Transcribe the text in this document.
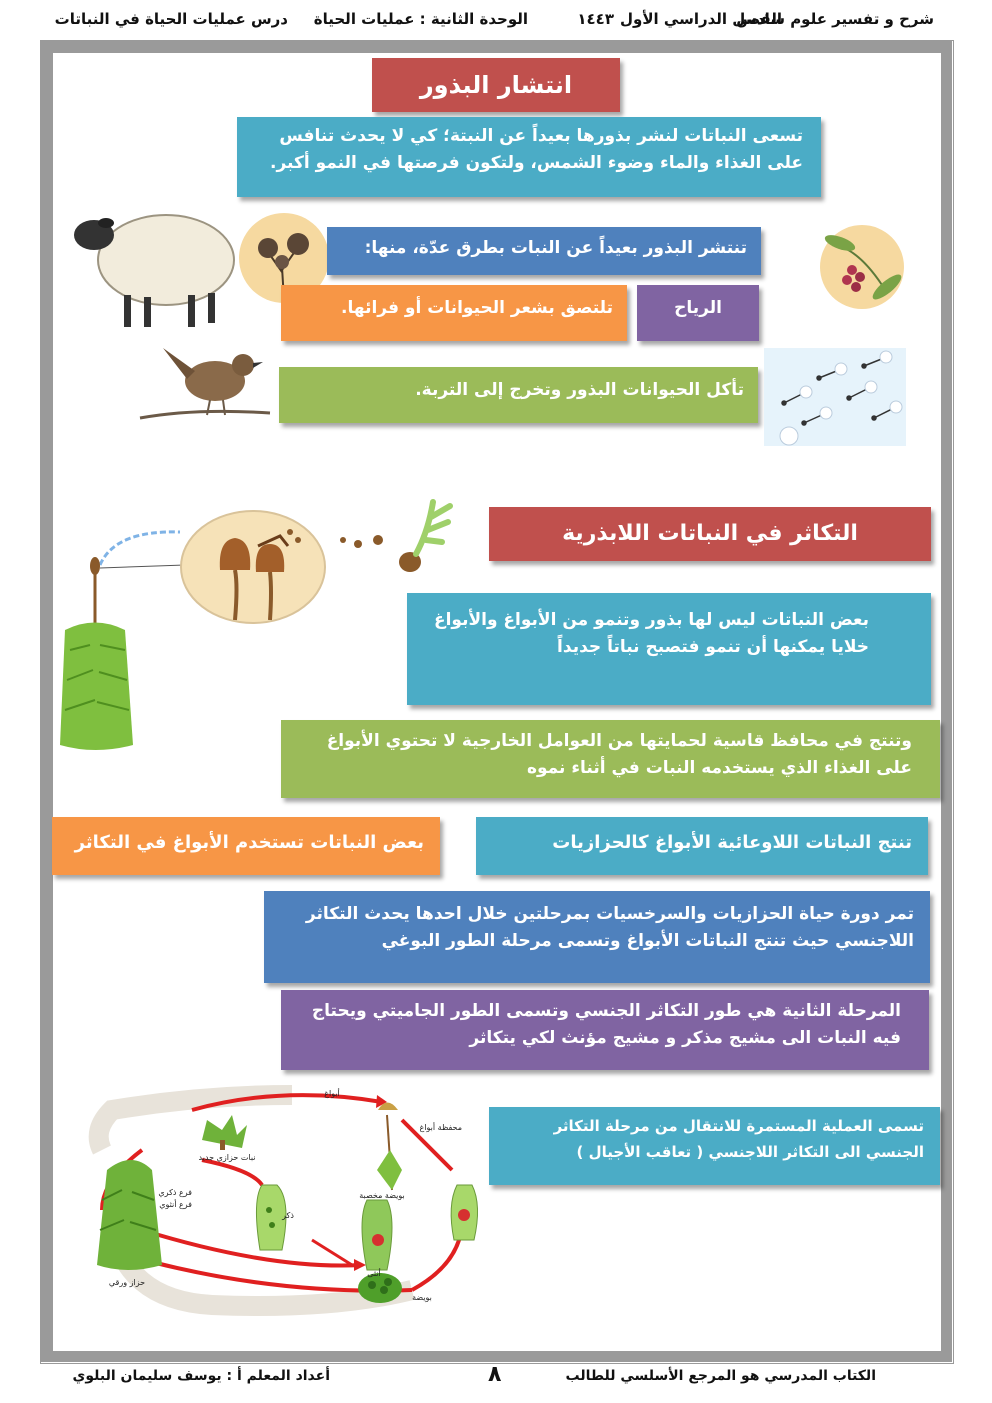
شرح و تفسير علوم سادس
الفصل الدراسي الأول
١٤٤٣
الوحدة الثانية : عمليات الحياة
درس عمليات الحياة في النباتات
انتشار البذور
تسعى النباتات لنشر بذورها بعيداً عن النبتة؛ كي لا يحدث تنافس على الغذاء والماء وضوء الشمس، ولتكون فرصتها في النمو أكبر.
تنتشر البذور بعيداً عن النبات بطرق عدّة، منها:
تلتصق بشعر الحيوانات أو فرائها.	الرياح
تأكل الحيوانات البذور وتخرج إلى التربة.
التكاثر في النباتات اللابذرية
بعض النباتات ليس لها بذور وتنمو من الأبواغ والأبواغ خلايا يمكنها أن تنمو فتصبح نباتاً جديداً
وتنتج في محافظ قاسية لحمايتها من العوامل الخارجية لا تحتوي الأبواغ على الغذاء الذي يستخدمه النبات في أثناء نموه
بعض النباتات تستخدم الأبواغ في التكاثر	تنتج النباتات اللاوعائية الأبواغ كالحزازيات
تمر دورة حياة الحزازيات والسرخسيات بمرحلتين خلال احدها يحدث التكاثر اللاجنسي حيث تنتج النباتات الأبواغ وتسمى مرحلة الطور البوغي
المرحلة الثانية هي طور التكاثر الجنسي وتسمى الطور الجاميتي ويحتاج فيه النبات الى مشيج مذكر و مشيج مؤنث لكي يتكاثر
أبواغ
محفظة أبواغ
نبات حزازي جديد
فرع ذكري
فرع أنثوي
ذكر
أنثى
بويضة مخصبة
بويضة
حزاز ورقي
تسمى العملية المستمرة للانتقال من مرحلة التكاثر الجنسي الى التكاثر اللاجنسي ( تعاقب الأجيال )
الكتاب المدرسي هو المرجع الأسلسي للطالب
٨
أعداد المعلم أ : يوسف سليمان البلوي
